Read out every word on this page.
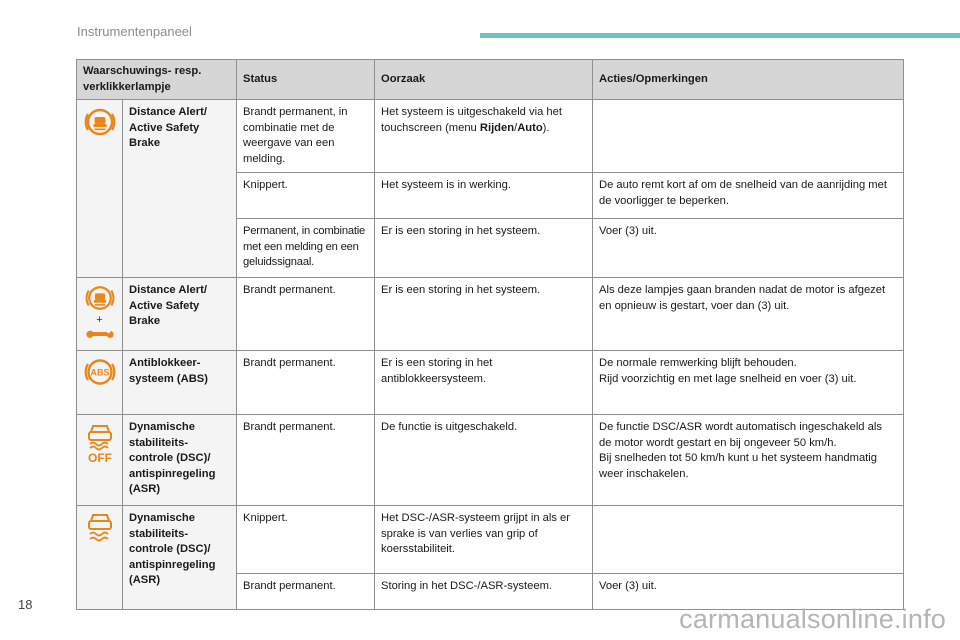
Instrumentenpaneel
Waarschuwings- resp. verklikkerlampje		Status	Oorzaak	Acties/Opmerkingen

	Distance Alert/ Active Safety Brake	Brandt permanent, in combinatie met de weergave van een melding.	Het systeem is uitgeschakeld via het touchscreen (menu Rijden/Auto).	
		Knippert.	Het systeem is in werking.	De auto remt kort af om de snelheid van de aanrijding met de voorligger te beperken.
		Permanent, in combinatie met een melding en een geluidssignaal.	Er is een storing in het systeem.	Voer (3) uit.

+	Distance Alert/ Active Safety Brake	Brandt permanent.	Er is een storing in het systeem.	Als deze lampjes gaan branden nadat de motor is afgezet en opnieuw is gestart, voer dan (3) uit.

ABS	Antiblokkeer- systeem (ABS)	Brandt permanent.	Er is een storing in het antiblokkeersysteem.	De normale remwerking blijft behouden.
Rijd voorzichtig en met lage snelheid en voer (3) uit.

OFF	Dynamische stabiliteits- controle (DSC)/ antispinregeling (ASR)	Brandt permanent.	De functie is uitgeschakeld.	De functie DSC/ASR wordt automatisch ingeschakeld als de motor wordt gestart en bij ongeveer 50 km/h.
Bij snelheden tot 50 km/h kunt u het systeem handmatig weer inschakelen.

	Dynamische stabiliteits- controle (DSC)/ antispinregeling (ASR)	Knippert.	Het DSC-/ASR-systeem grijpt in als er sprake is van verlies van grip of koersstabiliteit.	
		Brandt permanent.	Storing in het DSC-/ASR-systeem.	Voer (3) uit.
18	carmanualsonline.info
